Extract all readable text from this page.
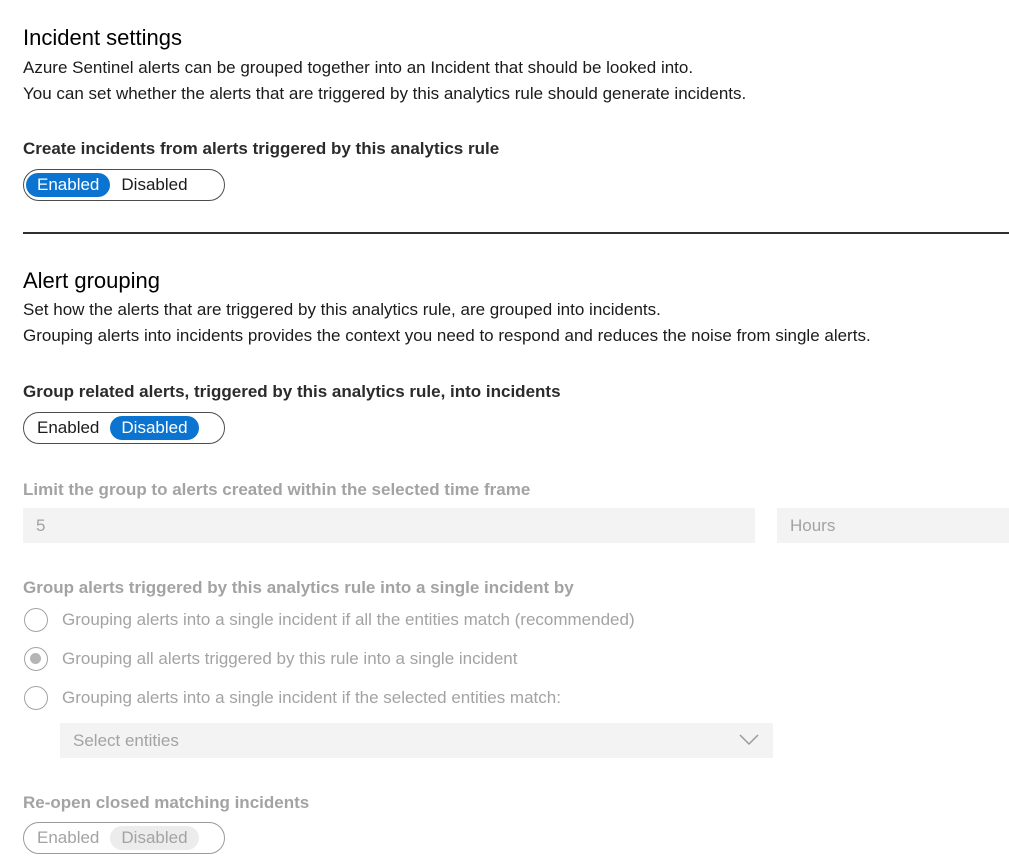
Incident settings
Azure Sentinel alerts can be grouped together into an Incident that should be looked into.
You can set whether the alerts that are triggered by this analytics rule should generate incidents.
Create incidents from alerts triggered by this analytics rule
Enabled	Disabled
Alert grouping
Set how the alerts that are triggered by this analytics rule, are grouped into incidents.
Grouping alerts into incidents provides the context you need to respond and reduces the noise from single alerts.
Group related alerts, triggered by this analytics rule, into incidents
Enabled	Disabled
Limit the group to alerts created within the selected time frame
5	Hours
Group alerts triggered by this analytics rule into a single incident by
Grouping alerts into a single incident if all the entities match (recommended)
Grouping all alerts triggered by this rule into a single incident
Grouping alerts into a single incident if the selected entities match:
Select entities
Re-open closed matching incidents
Enabled	Disabled
